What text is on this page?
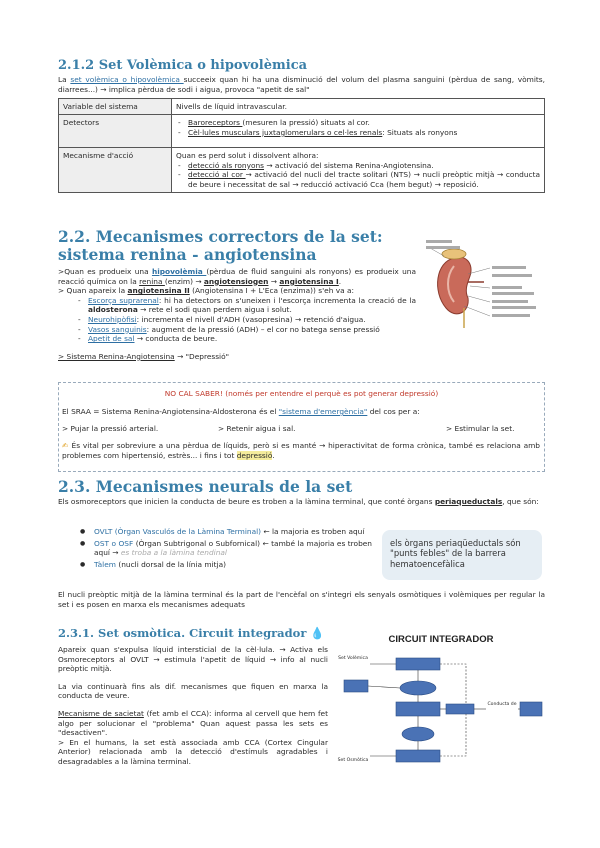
2.1.2 Set Volèmica o hipovolèmica

La set volèmica o hipovolèmica succeeix quan hi ha una disminució del volum del plasma sanguini (pèrdua de sang, vòmits, diarrees...) → implica pèrdua de sodi i aigua, provoca "apetit de sal"

Variable del sistema	Nivells de líquid intravascular.
Detectors	- Baroreceptors (mesuren la pressió) situats al cor.
- Cèl·lules musculars juxtaglomerulars o cel·les renals: Situats als ronyons

Mecanisme d'acció	Quan es perd solut i dissolvent alhora:
- detecció als ronyons → activació del sistema Renina-Angiotensina.
- detecció al cor → activació del nucli del tracte solitari (NTS) → nucli preòptic mitjà → conducta de beure i necessitat de sal → reducció activació Cca (hem begut) → reposició.
2.2. Mecanismes correctors de la set: sistema renina - angiotensina

>Quan es produeix una hipovolèmia (pèrdua de fluid sanguini als ronyons) es produeix una reacció química on la renina (enzim) → angiotensiogen → angiotensina I.

> Quan apareix la angiotensina II (Angiotensina I + L'Eca (enzima)) s'eh va a:

- Escorça suprarenal: hi ha detectors on s'uneixen i l'escorça incrementa la creació de la aldosterona → rete el sodi quan perdem aigua i solut.

- Neurohipòfisi: incrementa el nivell d'ADH (vasopresina) → retenció d'aigua.

- Vasos sanguinis: augment de la pressió (ADH) – el cor no batega sense pressió

- Apetit de sal → conducta de beure.

> Sistema Renina-Angiotensina → "Depressió"

NO CAL SABER! (només per entendre el perquè es pot generar depressió)

El SRAA = Sistema Renina-Angiotensina-Aldosterona és el "sistema d'emergència" del cos per a:

> Pujar la pressió arterial.	> Retenir aigua i sal.	> Estimular la set.

✍ És vital per sobreviure a una pèrdua de líquids, però si es manté → hiperactivitat de forma crònica, també es relaciona amb problemes com hipertensió, estrès... i fins i tot depressió.

2.3. Mecanismes neurals de la set

Els osmoreceptors que inicien la conducta de beure es troben a la làmina terminal, que conté òrgans periaqueductals, que són:

● OVLT (Òrgan Vasculós de la Làmina Terminal) ← la majoria es troben aquí

● OST o OSF (Òrgan Subtrigonal o Subfornical) ← també la majoria es troben aquí → es troba a la làmina tendinal

● Tàlem (nucli dorsal de la línia mitja)

els òrgans periaqüeductals són "punts febles" de la barrera hematoencefàlica

El nucli preòptic mitjà de la làmina terminal és la part de l'encèfal on s'integri els senyals osmòtiques i volèmiques per regular la set i es posen en marxa els mecanismes adequats

2.3.1. Set osmòtica. Circuit integrador 💧

Apareix quan s'expulsa líquid intersticial de la cèl·lula. → Activa els Osmoreceptors al OVLT → estimula l'apetit de líquid → info al nucli preòptic mitjà.

La via continuarà fins als dif. mecanismes que fiquen en marxa la conducta de veure.

Mecanisme de sacietat (fet amb el CCA): informa al cervell que hem fet algo per solucionar el "problema" Quan aquest passa les sets es "desactiven".

> En el humans, la set està associada amb CCA (Cortex Cingular Anterior) relacionada amb la detecció d'estímuls agradables i desagradables a la làmina terminal.

CIRCUIT INTEGRADOR
Set Volèmica
Set Osmòtica
Conducta de
